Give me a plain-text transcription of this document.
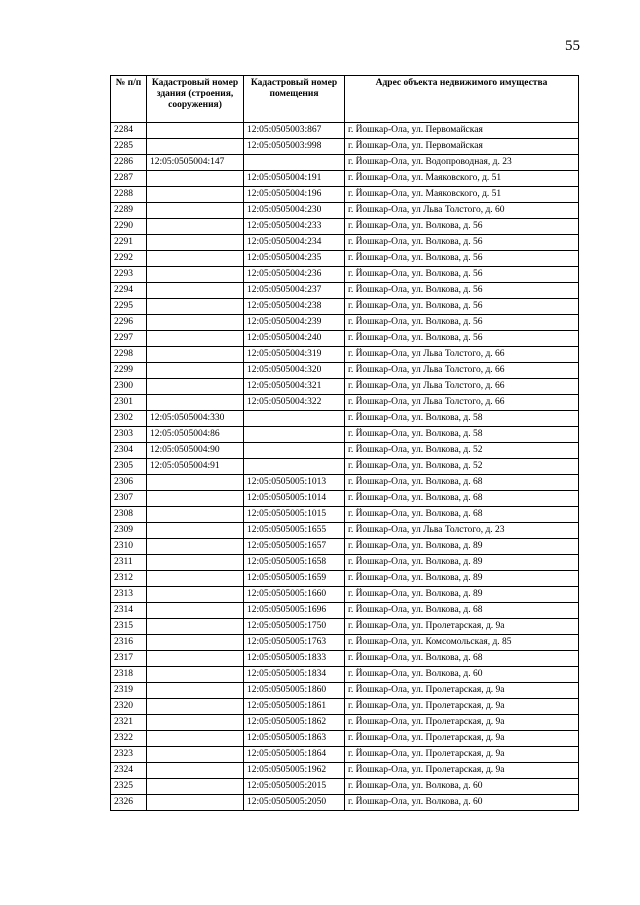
55
№ п/п	Кадастровый номер здания (строения, сооружения)	Кадастровый номер помещения	Адрес объекта недвижимого имущества
2284		12:05:0505003:867	г. Йошкар-Ола, ул. Первомайская
2285		12:05:0505003:998	г. Йошкар-Ола, ул. Первомайская
2286	12:05:0505004:147		г. Йошкар-Ола, ул. Водопроводная, д. 23
2287		12:05:0505004:191	г. Йошкар-Ола, ул. Маяковского, д. 51
2288		12:05:0505004:196	г. Йошкар-Ола, ул. Маяковского, д. 51
2289		12:05:0505004:230	г. Йошкар-Ола, ул Льва Толстого, д. 60
2290		12:05:0505004:233	г. Йошкар-Ола, ул. Волкова, д. 56
2291		12:05:0505004:234	г. Йошкар-Ола, ул. Волкова, д. 56
2292		12:05:0505004:235	г. Йошкар-Ола, ул. Волкова, д. 56
2293		12:05:0505004:236	г. Йошкар-Ола, ул. Волкова, д. 56
2294		12:05:0505004:237	г. Йошкар-Ола, ул. Волкова, д. 56
2295		12:05:0505004:238	г. Йошкар-Ола, ул. Волкова, д. 56
2296		12:05:0505004:239	г. Йошкар-Ола, ул. Волкова, д. 56
2297		12:05:0505004:240	г. Йошкар-Ола, ул. Волкова, д. 56
2298		12:05:0505004:319	г. Йошкар-Ола, ул Льва Толстого, д. 66
2299		12:05:0505004:320	г. Йошкар-Ола, ул Льва Толстого, д. 66
2300		12:05:0505004:321	г. Йошкар-Ола, ул Льва Толстого, д. 66
2301		12:05:0505004:322	г. Йошкар-Ола, ул Льва Толстого, д. 66
2302	12:05:0505004:330		г. Йошкар-Ола, ул. Волкова, д. 58
2303	12:05:0505004:86		г. Йошкар-Ола, ул. Волкова, д. 58
2304	12:05:0505004:90		г. Йошкар-Ола, ул. Волкова, д. 52
2305	12:05:0505004:91		г. Йошкар-Ола, ул. Волкова, д. 52
2306		12:05:0505005:1013	г. Йошкар-Ола, ул. Волкова, д. 68
2307		12:05:0505005:1014	г. Йошкар-Ола, ул. Волкова, д. 68
2308		12:05:0505005:1015	г. Йошкар-Ола, ул. Волкова, д. 68
2309		12:05:0505005:1655	г. Йошкар-Ола, ул Льва Толстого, д. 23
2310		12:05:0505005:1657	г. Йошкар-Ола, ул. Волкова, д. 89
2311		12:05:0505005:1658	г. Йошкар-Ола, ул. Волкова, д. 89
2312		12:05:0505005:1659	г. Йошкар-Ола, ул. Волкова, д. 89
2313		12:05:0505005:1660	г. Йошкар-Ола, ул. Волкова, д. 89
2314		12:05:0505005:1696	г. Йошкар-Ола, ул. Волкова, д. 68
2315		12:05:0505005:1750	г. Йошкар-Ола, ул. Пролетарская, д. 9а
2316		12:05:0505005:1763	г. Йошкар-Ола, ул. Комсомольская, д. 85
2317		12:05:0505005:1833	г. Йошкар-Ола, ул. Волкова, д. 68
2318		12:05:0505005:1834	г. Йошкар-Ола, ул. Волкова, д. 60
2319		12:05:0505005:1860	г. Йошкар-Ола, ул. Пролетарская, д. 9а
2320		12:05:0505005:1861	г. Йошкар-Ола, ул. Пролетарская, д. 9а
2321		12:05:0505005:1862	г. Йошкар-Ола, ул. Пролетарская, д. 9а
2322		12:05:0505005:1863	г. Йошкар-Ола, ул. Пролетарская, д. 9а
2323		12:05:0505005:1864	г. Йошкар-Ола, ул. Пролетарская, д. 9а
2324		12:05:0505005:1962	г. Йошкар-Ола, ул. Пролетарская, д. 9а
2325		12:05:0505005:2015	г. Йошкар-Ола, ул. Волкова, д. 60
2326		12:05:0505005:2050	г. Йошкар-Ола, ул. Волкова, д. 60
